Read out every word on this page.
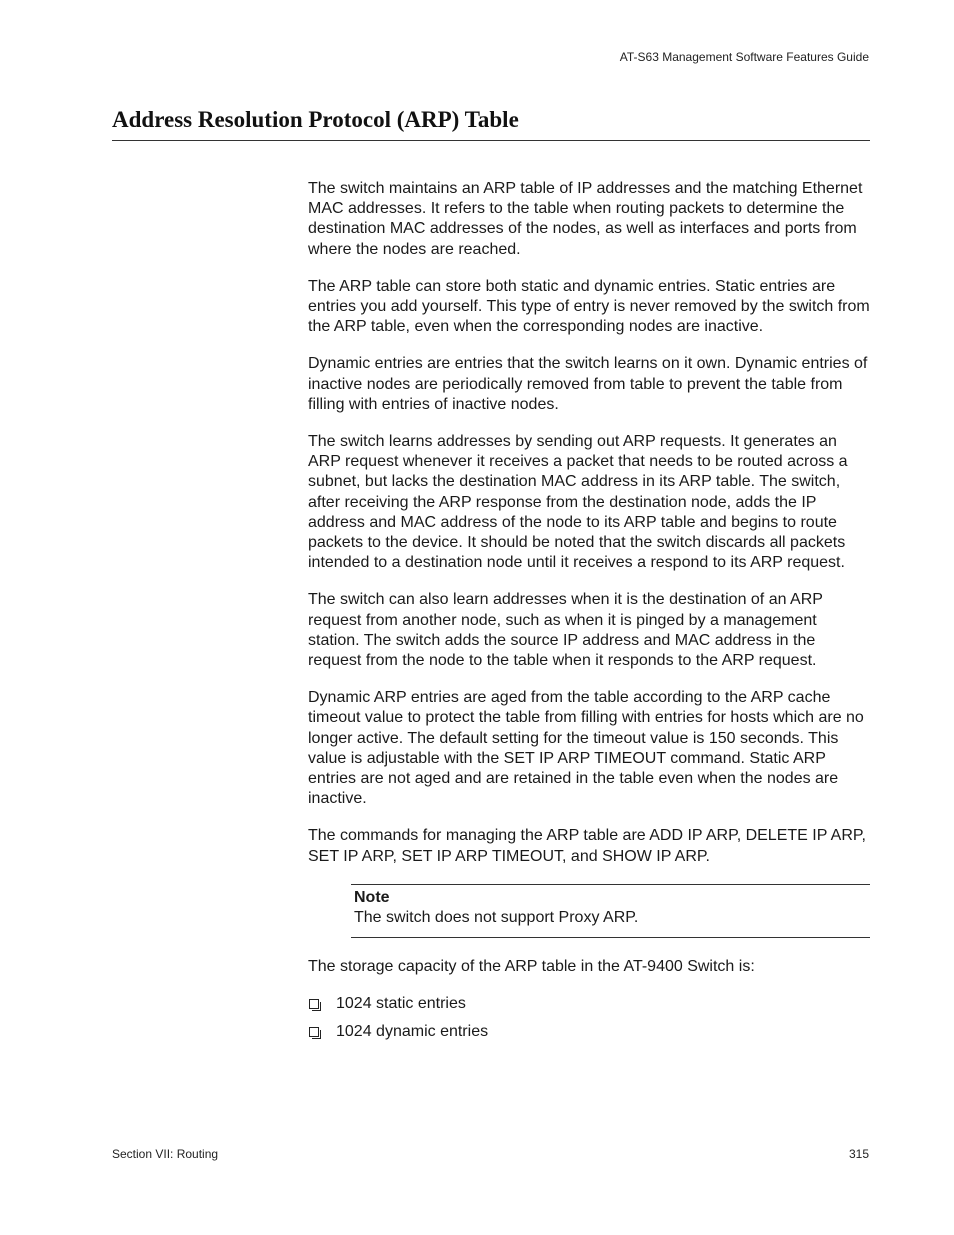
AT-S63 Management Software Features Guide
Address Resolution Protocol (ARP) Table

The switch maintains an ARP table of IP addresses and the matching Ethernet MAC addresses. It refers to the table when routing packets to determine the destination MAC addresses of the nodes, as well as interfaces and ports from where the nodes are reached.

The ARP table can store both static and dynamic entries. Static entries are entries you add yourself. This type of entry is never removed by the switch from the ARP table, even when the corresponding nodes are inactive.

Dynamic entries are entries that the switch learns on it own. Dynamic entries of inactive nodes are periodically removed from table to prevent the table from filling with entries of inactive nodes.

The switch learns addresses by sending out ARP requests. It generates an ARP request whenever it receives a packet that needs to be routed across a subnet, but lacks the destination MAC address in its ARP table. The switch, after receiving the ARP response from the destination node, adds the IP address and MAC address of the node to its ARP table and begins to route packets to the device. It should be noted that the switch discards all packets intended to a destination node until it receives a respond to its ARP request.

The switch can also learn addresses when it is the destination of an ARP request from another node, such as when it is pinged by a management station. The switch adds the source IP address and MAC address in the request from the node to the table when it responds to the ARP request.

Dynamic ARP entries are aged from the table according to the ARP cache timeout value to protect the table from filling with entries for hosts which are no longer active. The default setting for the timeout value is 150 seconds. This value is adjustable with the SET IP ARP TIMEOUT command. Static ARP entries are not aged and are retained in the table even when the nodes are inactive.

The commands for managing the ARP table are ADD IP ARP, DELETE IP ARP, SET IP ARP, SET IP ARP TIMEOUT, and SHOW IP ARP.

Note
The switch does not support Proxy ARP.

The storage capacity of the ARP table in the AT-9400 Switch is:

1024 static entries
1024 dynamic entries
Section VII: Routing	315
